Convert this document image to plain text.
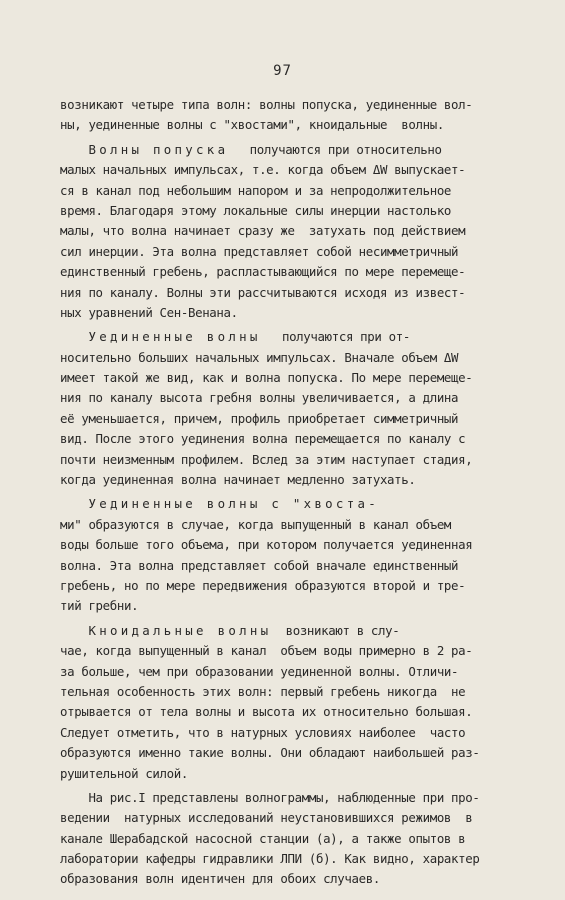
97
возникают четыре типа волн: волны попуска, уединенные вол-
ны, уединенные волны с "хвостами", кноидальные  волны.
Волны попуска   получаются при относительно
малых начальных импульсах, т.е. когда объем ΔW выпускает-
ся в канал под небольшим напором и за непродолжительное
время. Благодаря этому локальные силы инерции настолько
малы, что волна начинает сразу же  затухать под действием
сил инерции. Эта волна представляет собой несимметричный
единственный гребень, распластывающийся по мере перемеще-
ния по каналу. Волны эти рассчитываются исходя из извест-
ных уравнений Сен-Венана.
Уединенные волны   получаются при от-
носительно больших начальных импульсах. Вначале объем ΔW
имеет такой же вид, как и волна попуска. По мере перемеще-
ния по каналу высота гребня волны увеличивается, а длина
её уменьшается, причем, профиль приобретает симметричный
вид. После этого уединения волна перемещается по каналу с
почти неизменным профилем. Вслед за этим наступает стадия,
когда уединенная волна начинает медленно затухать.
Уединенные волны с "хвоста-
ми" образуются в случае, когда выпущенный в канал объем
воды больше того объема, при котором получается уединенная
волна. Эта волна представляет собой вначале единственный
гребень, но по мере передвижения образуются второй и тре-
тий гребни.
Кноидальные волны  возникают в слу-
чае, когда выпущенный в канал  объем воды примерно в 2 ра-
за больше, чем при образовании уединенной волны. Отличи-
тельная особенность этих волн: первый гребень никогда  не
отрывается от тела волны и высота их относительно большая.
Следует отметить, что в натурных условиях наиболее  часто
образуются именно такие волны. Они обладают наибольшей раз-
рушительной силой.
На рис.I представлены волнограммы, наблюденные при про-
ведении  натурных исследований неустановившихся режимов  в
канале Шерабадской насосной станции (а), а также опытов в
лаборатории кафедры гидравлики ЛПИ (б). Как видно, характер
образования волн идентичен для обоих случаев.
